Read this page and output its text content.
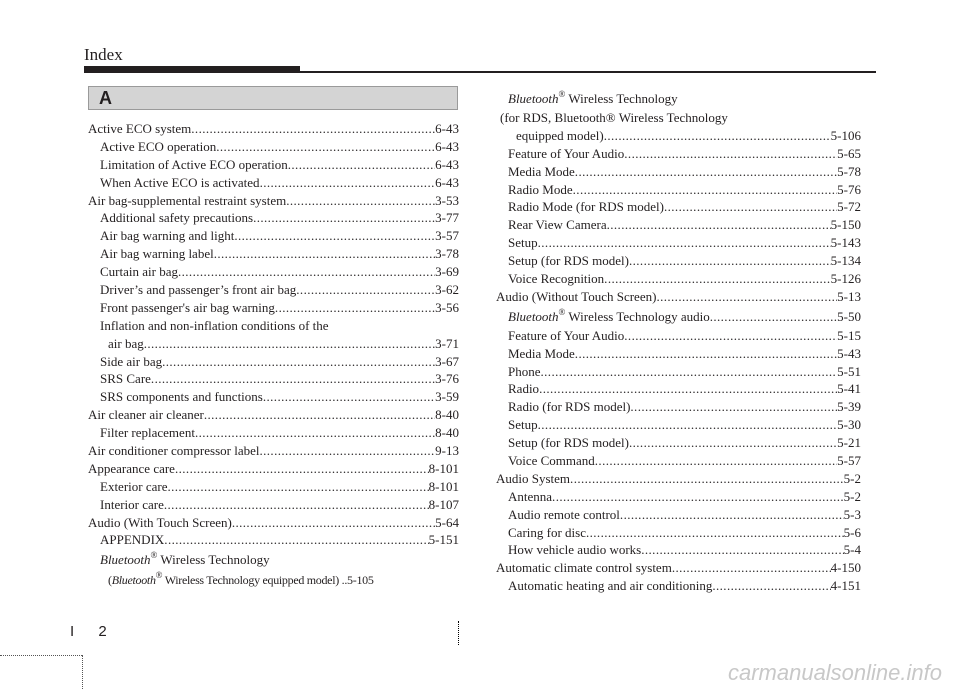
Index
A
Active ECO system .....	6-43
Active ECO operation .....	6-43
Limitation of Active ECO operation .....	6-43
When Active ECO is activated .....	6-43
Air bag-supplemental restraint system .....	3-53
Additional safety precautions .....	3-77
Air bag warning and light .....	3-57
Air bag warning label .....	3-78
Curtain air bag .....	3-69
Driver’s and passenger’s front air bag .....	3-62
Front passenger's air bag warning .....	3-56
Inflation and non-inflation conditions of the
air bag .....	3-71
Side air bag .....	3-67
SRS Care .....	3-76
SRS components and functions .....	3-59
Air cleaner air cleaner .....	8-40
Filter replacement .....	8-40
Air conditioner compressor label .....	9-13
Appearance care .....	8-101
Exterior care .....	8-101
Interior care .....	8-107
Audio (With Touch Screen) .....	5-64
APPENDIX .....	5-151
Bluetooth® Wireless Technology
(Bluetooth® Wireless Technology equipped model) ..5-105
Bluetooth® Wireless Technology
(for RDS, Bluetooth® Wireless Technology
equipped model) .....	5-106
Feature of Your Audio .....	5-65
Media Mode .....	5-78
Radio Mode .....	5-76
Radio Mode (for RDS model) .....	5-72
Rear View Camera .....	5-150
Setup .....	5-143
Setup (for RDS model) .....	5-134
Voice Recognition .....	5-126
Audio (Without Touch Screen) .....	5-13
Bluetooth® Wireless Technology audio .....	5-50
Feature of Your Audio .....	5-15
Media Mode .....	5-43
Phone .....	5-51
Radio .....	5-41
Radio (for RDS model) .....	5-39
Setup .....	5-30
Setup (for RDS model) .....	5-21
Voice Command .....	5-57
Audio System .....	5-2
Antenna .....	5-2
Audio remote control .....	5-3
Caring for disc .....	5-6
How vehicle audio works .....	5-4
Automatic climate control system .....	4-150
Automatic heating and air conditioning .....	4-151
I 2
carmanualsonline.info
